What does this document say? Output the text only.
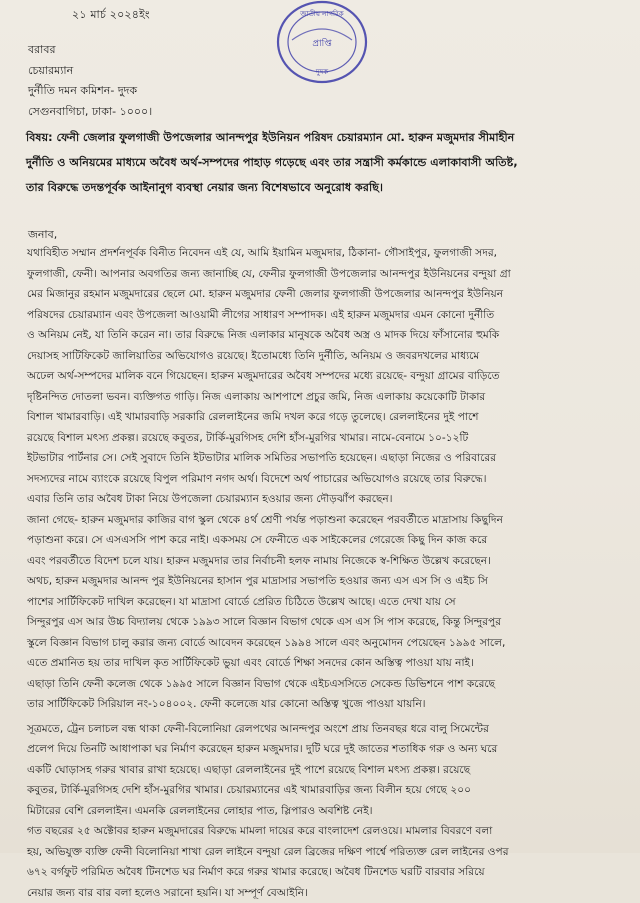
২১ মার্চ ২০২৪ইং	জাতীয় নাগরিক
প্রাপ্তি
দুদক
বরাবর
চেয়ারম্যান
দুর্নীতি দমন কমিশন- দুদক
সেগুনবাগিচা, ঢাকা- ১০০০।
বিষয়: ফেনী জেলার ফুলগাজী উপজেলার আনন্দপুর ইউনিয়ন পরিষদ চেয়ারম্যান মো. হারুন মজুমদার সীমাহীন
দুর্নীতি ও অনিয়মের মাধ্যমে অবৈধ অর্থ-সম্পদের পাহাড় গড়েছে এবং তার সন্ত্রাসী কর্মকান্ডে এলাকাবাসী অতিষ্ট,
তার বিরুদ্ধে তদন্তপূর্বক আইনানুগ ব্যবস্থা নেয়ার জন্য বিশেষভাবে অনুরোধ করছি।
জনাব,
যথাবিহীত সম্মান প্রদর্শনপূর্বক বিনীত নিবেদন এই যে, আমি ইয়ামিন মজুমদার, ঠিকানা- গৌসাইপুর, ফুলগাজী সদর,
ফুলগাজী, ফেনী। আপনার অবগতির জন্য জানাচ্ছি যে, ফেনীর ফুলগাজী উপজেলার আনন্দপুর ইউনিয়নের বন্দুয়া গ্রা
মের মিজানুর রহমান মজুমদারের ছেলে মো. হারুন মজুমদার ফেনী জেলার ফুলগাজী উপজেলার আনন্দপুর ইউনিয়ন
পরিষদের চেয়ারম্যান এবং উপজেলা আওয়ামী লীগের সাধারণ সম্পাদক। এই হারুন মজুমদার এমন কোনো দুর্নীতি
ও অনিয়ম নেই, যা তিনি করেন না। তার বিরুদ্ধে নিজ এলাকার মানুষকে অবৈধ অস্ত্র ও মাদক দিয়ে ফাঁসানোর হুমকি
দেয়াসহ সাটিফিকেট জালিয়াতির অভিযোগও রয়েছে। ইতোমধ্যে তিনি দুর্নীতি, অনিয়ম ও জবরদখলের মাধ্যমে
অঢেল অর্থ-সম্পদের মালিক বনে গিয়েছেন। হারুন মজুমদারের অবৈধ সম্পদের মধ্যে রয়েছে- বন্দুয়া গ্রামের বাড়িতে
দৃষ্টিনন্দিত দোতলা ভবন। ব্যক্তিগত গাড়ি। নিজ এলাকায় আশপাশে প্রচুর জমি, নিজ এলাকায় কয়েকোটি টাকার
বিশাল খামারবাড়ি। এই খামারবাড়ি সরকারি রেললাইনের জমি দখল করে গড়ে তুলেছে। রেললাইনের দুই পাশে
রয়েছে বিশাল মৎস্য প্রকল্প। রয়েছে কবুতর, টার্কি-মুরগিসহ দেশি হাঁস-মুরগির খামার। নামে-বেনামে ১০-১২টি
ইটভাটার পার্টনার সে। সেই সুবাদে তিনি ইটভাটার মালিক সমিতির সভাপতি হয়েছেন। এছাড়া নিজের ও পরিবারের
সদস্যদের নামে ব্যাংকে রয়েছে বিপুল পরিমাণ নগদ অর্থ। বিদেশে অর্থ পাচারের অভিযোগও রয়েছে তার বিরুদ্ধে।
এবার তিনি তার অবৈধ টাকা নিয়ে উপজেলা চেয়ারম্যান হওয়ার জন্য দৌড়ঝাঁপ করছেন।
জানা গেছে- হারুন মজুমদার কাজির বাগ স্কুল থেকে ৪র্থ শ্রেণী পর্যন্ত পড়াশুনা করেছেন পরবর্তীতে মাদ্রাসায় কিছুদিন
পড়াশুনা করে। সে এসএসসি পাশ করে নাই। একসময় সে ফেনীতে এক সাইকেলের গেরেজে কিছু দিন কাজ করে
এবং পরবর্তীতে বিদেশ চলে যায়। হারুন মজুমদার তার নির্বাচনী হলফ নামায় নিজেকে স্ব-শিক্ষিত উল্লেখ করেছেন।
অথচ, হারুন মজুমদার আনন্দ পুর ইউনিয়নের হাসান পুর মাদ্রাসার সভাপতি হওয়ার জন্য এস এস সি ও এইচ সি
পাশের সার্টিফিকেট দাখিল করেছেন। যা মাদ্রাসা বোর্ডে প্রেরিত চিঠিতে উল্লেখ আছে। এতে দেখা যায় সে
সিন্দুরপুর এস আর উচ্চ বিদ্যালয় থেকে ১৯৯৩ সালে বিজ্ঞান বিভাগ থেকে এস এস সি পাস করেছে, কিন্তু সিন্দুরপুর
স্কুলে বিজ্ঞান বিভাগ চালু করার জন্য বোর্ডে আবেদন করেছেন ১৯৯৪ সালে এবং অনুমোদন পেয়েছেন ১৯৯৫ সালে,
এতে প্রমানিত হয় তার দাখিল কৃত সার্টিফিকেট ভুয়া এবং বোর্ডে শিক্ষা সনদের কোন অস্তিত্ব পাওয়া যায় নাই।
এছাড়া তিনি ফেনী কলেজ থেকে ১৯৯৫ সালে বিজ্ঞান বিভাগ থেকে এইচএসসিতে সেকেন্ড ডিভিশনে পাশ করেছে
তার সার্টিফিকেট সিরিয়াল নং-১০৪০০২. ফেনী কলেজে যার কোনো অস্তিত্ব খুজে পাওয়া যায়নি।
সূত্রমতে, ট্রেন চলাচল বন্ধ থাকা ফেনী-বিলোনিয়া রেলপথের আনন্দপুর অংশে প্রায় তিনবছর ধরে বালু সিমেন্টের
প্রলেপ দিয়ে তিনটি আধাপাকা ঘর নির্মাণ করেছেন হারুন মজুমদার। দুটি ঘরে দুই জাতের শতাধিক গরু ও অন্য ঘরে
একটি ঘোড়াসহ গরুর খাবার রাখা হয়েছে। এছাড়া রেললাইনের দুই পাশে রয়েছে বিশাল মৎস্য প্রকল্প। রয়েছে
কবুতর, টার্কি-মুরগিসহ দেশি হাঁস-মুরগির খামার। চেয়ারম্যানের এই খামারবাড়ির জন্য বিলীন হয়ে গেছে ২০০
মিটারের বেশি রেললাইন। এমনকি রেললাইনের লোহার পাত, স্লিপারও অবশিষ্ট নেই।
গত বছরের ২৫ অক্টোবর হারুন মজুমদারের বিরুদ্ধে মামলা দায়ের করে বাংলাদেশ রেলওয়ে। মামলার বিবরণে বলা
হয়, অভিযুক্ত ব্যক্তি ফেনী বিলোনিয়া শাখা রেল লাইনে বন্দুয়া রেল ব্রিজের দক্ষিণ পার্শ্বে পরিত্যক্ত রেল লাইনের ওপর
৬৭২ বর্গফুট পরিমিত অবৈধ টিনশেড ঘর নির্মাণ করে গরুর খামার করেছে। অবৈধ টিনশেড ঘরটি বারবার সরিয়ে
নেয়ার জন্য বার বার বলা হলেও সরানো হয়নি। যা সম্পূর্ণ বেআইনি।
